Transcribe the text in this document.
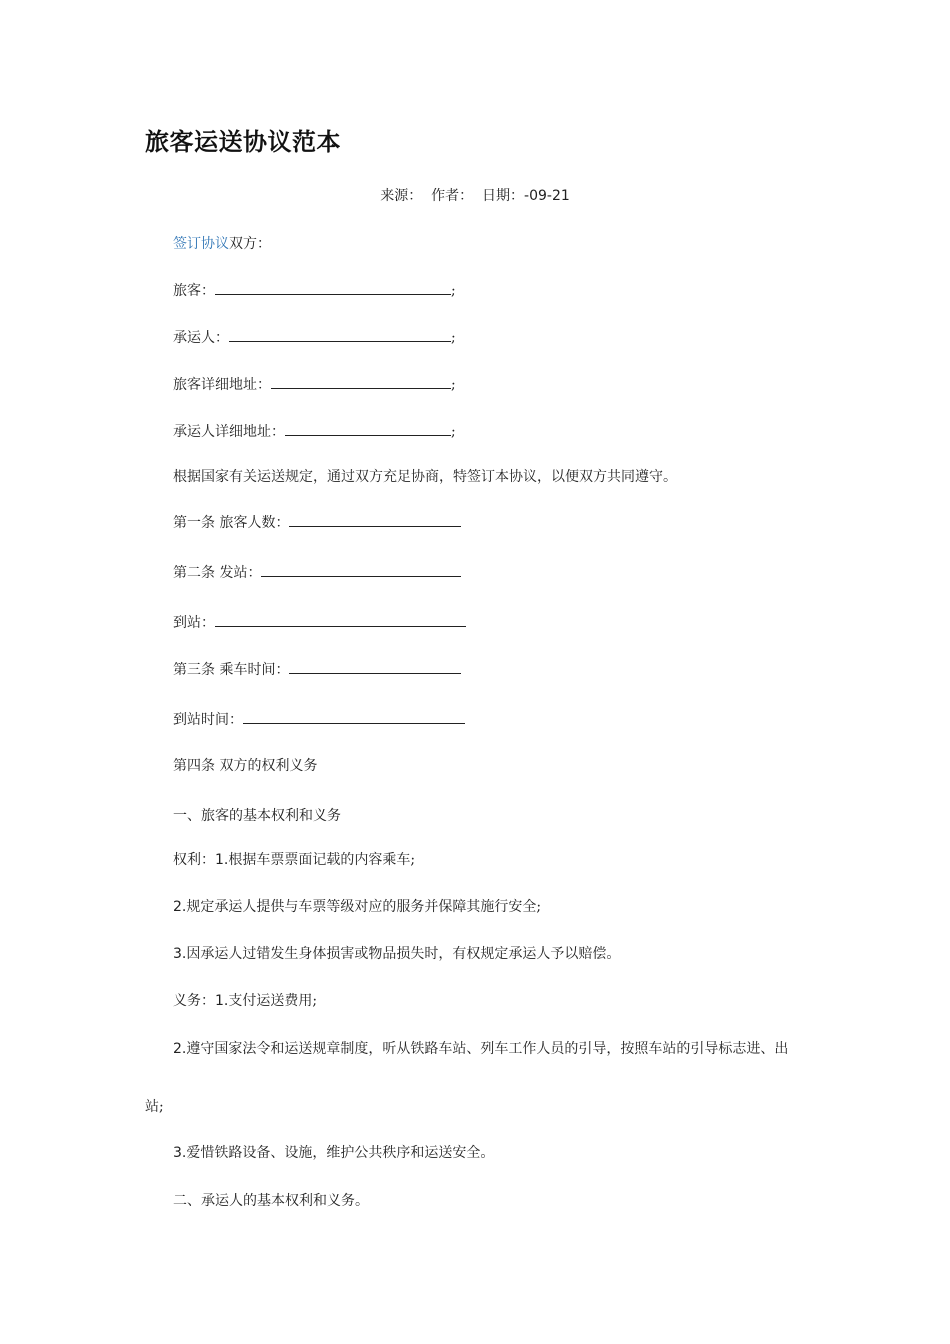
旅客运送协议范本
来源： 作者： 日期：-09-21
签订协议双方：
旅客：	;
承运人：	;
旅客详细地址：	;
承运人详细地址：	;
根据国家有关运送规定，通过双方充足协商，特签订本协议，以便双方共同遵守。
第一条 旅客人数：
第二条 发站：
到站：
第三条 乘车时间：
到站时间：
第四条 双方的权利义务
一、旅客的基本权利和义务
权利：1.根据车票票面记载的内容乘车;
2.规定承运人提供与车票等级对应的服务并保障其施行安全;
3.因承运人过错发生身体损害或物品损失时，有权规定承运人予以赔偿。
义务：1.支付运送费用;
2.遵守国家法令和运送规章制度，听从铁路车站、列车工作人员的引导，按照车站的引导标志进、出
站;
3.爱惜铁路设备、设施，维护公共秩序和运送安全。
二、承运人的基本权利和义务。
